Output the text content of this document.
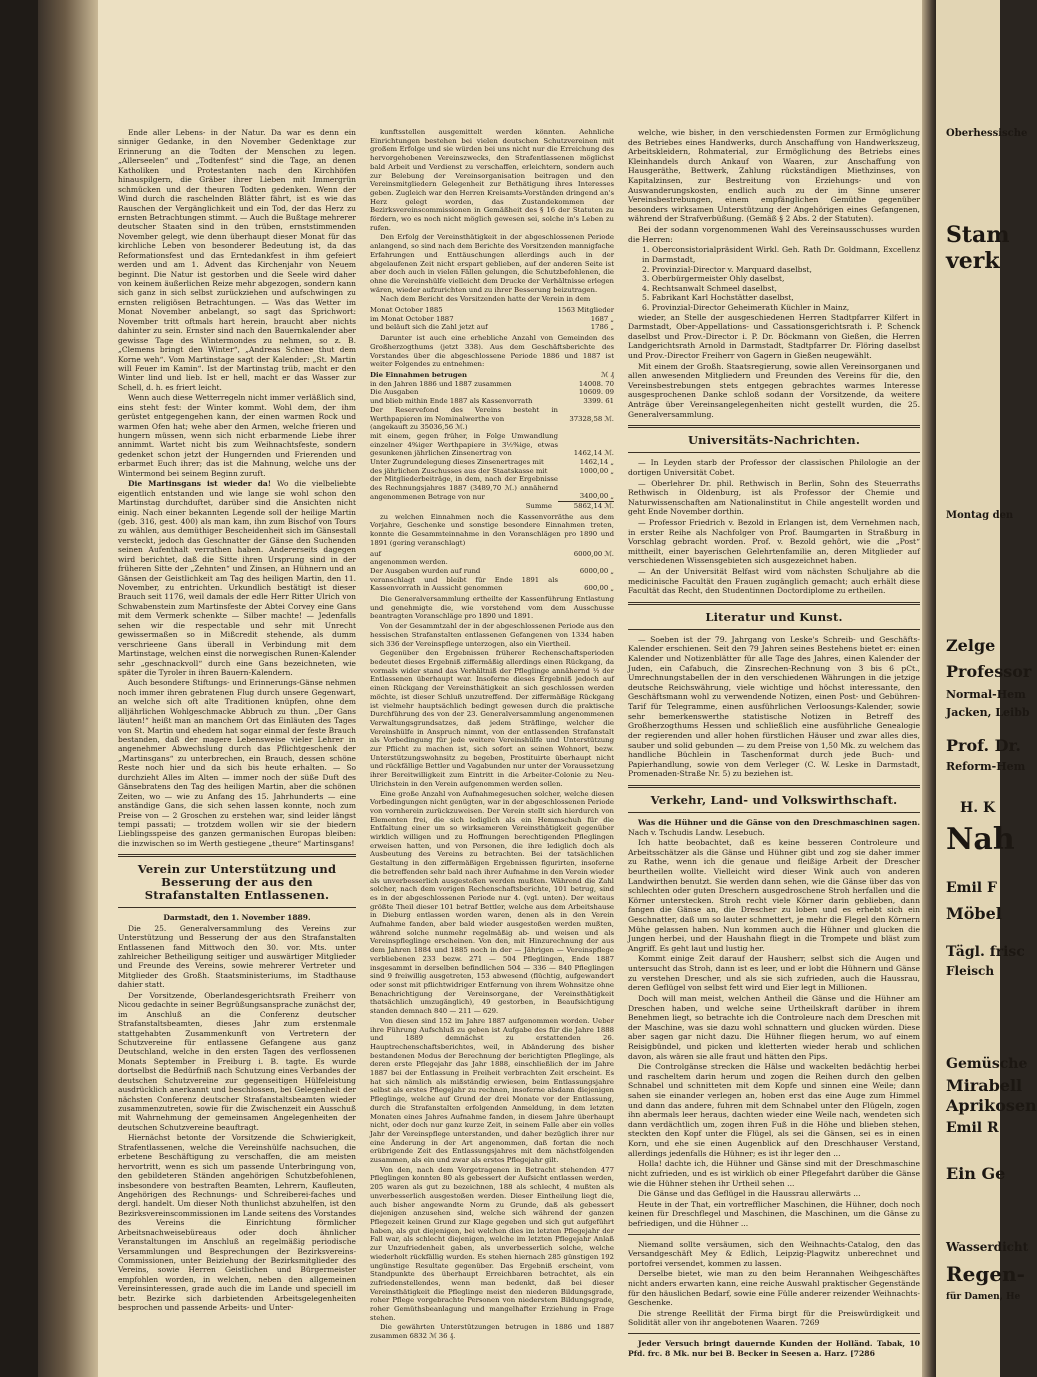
Ende aller Lebens- in der Natur. Da war es denn ein sinniger Gedanke, in den November Gedenktage zur Erinnerung an die Todten der Menschen zu legen. „Allerseelen“ und „Todtenfest“ sind die Tage, an denen Katholiken und Protestanten nach den Kirchhöfen hinauspilgern, die Gräber ihrer Lieben mit Immergrün schmücken und der theuren Todten gedenken. Wenn der Wind durch die raschelnden Blätter fährt, ist es wie das Rauschen der Vergänglichkeit und ein Tod, der das Herz zu ernsten Betrachtungen stimmt. — Auch die Bußtage mehrerer deutscher Staaten sind in den trüben, ernststimmenden November gelegt, wie denn überhaupt dieser Monat für das kirchliche Leben von besonderer Bedeutung ist, da das Reformationsfest und das Erntedankfest in ihm gefeiert werden und am 1. Advent das Kirchenjahr von Neuem beginnt. Die Natur ist gestorben und die Seele wird daher von keinem äußerlichen Reize mehr abgezogen, sondern kann sich ganz in sich selbst zurückziehen und aufschwingen zu ernsten religiösen Betrachtungen. — Was das Wetter im Monat November anbelangt, so sagt das Sprichwort: November tritt oftmals hart herein, braucht aber nichts dahinter zu sein. Ernster sind nach den Bauernkalender aber gewisse Tage des Wintermondes zu nehmen, so z. B. „Clemens bringt den Winter“, „Andreas Schnee thut dem Korne weh“. Vom Martinstage sagt der Kalender: „St. Martin will Feuer im Kamin“. Ist der Martinstag trüb, macht er den Winter lind und lieb. Ist er hell, macht er das Wasser zur Schell, d. h. es friert leicht.

Wenn auch diese Wetterregeln nicht immer verläßlich sind, eins steht fest: der Winter kommt. Wohl dem, der ihm gerüstet entgegengehen kann, der einen warmen Rock und warmen Ofen hat; wehe aber den Armen, welche frieren und hungern müssen, wenn sich nicht erbarmende Liebe ihrer annimmt. Wartet nicht bis zum Weihnachtsfeste, sondern gedenket schon jetzt der Hungernden und Frierenden und erbarmet Euch ihrer; das ist die Mahnung, welche uns der Wintermond bei seinem Beginn zuruft.

Die Martinsgans ist wieder da! Wo die vielbeliebte eigentlich entstanden und wie lange sie wohl schon den Martinstag durchduftet, darüber sind die Ansichten nicht einig. Nach einer bekannten Legende soll der heilige Martin (geb. 316, gest. 400) als man kam, ihn zum Bischof von Tours zu wählen, aus demüthiger Bescheidenheit sich im Gänsestall versteckt, jedoch das Geschnatter der Gänse den Suchenden seinen Aufenthalt verrathen haben. Andererseits dagegen wird berichtet, daß die Sitte ihren Ursprung sind in der früheren Sitte der „Zehnten“ und Zinsen, an Hühnern und an Gänsen der Geistlichkeit am Tag des heiligen Martin, den 11. November, zu entrichten. Urkundlich bestätigt ist dieser Brauch seit 1176, weil damals der edle Herr Ritter Ulrich von Schwabenstein zum Martinsfeste der Abtei Corvey eine Gans mit dem Vermerk schenkte — Silber machte! — Jedenfalls sehen wir die respectable und sehr mit Unrecht gewissermaßen so in Mißcredit stehende, als dumm verschrieene Gans überall in Verbindung mit dem Martinstage, welchen einst die norwegischen Runen-Kalender sehr „geschnackvoll“ durch eine Gans bezeichneten, wie später die Tyroler in ihren Bauern-Kalendern.

Auch besondere Stiftungs- und Erinnerungs-Gänse nehmen noch immer ihren gebratenen Flug durch unsere Gegenwart, an welche sich oft alte Traditionen knüpfen, ohne dem alljährlichen Wohlgeschmacke Abbruch zu thun. „Der Gans läuten!“ heißt man an manchem Ort das Einläuten des Tages von St. Martin und ehedem hat sogar einmal der feste Brauch bestanden, daß der magere Lebensweise vieler Lehrer in angenehmer Abwechslung durch das Pflichtgeschenk der „Martinsgans“ zu unterbrechen, ein Brauch, dessen schöne Reste noch hier und da sich bis heute erhalten. — So durchzieht Alles im Alten — immer noch der süße Duft des Gänsebratens den Tag des heiligen Martin, aber die schönen Zeiten, wo — wie zu Anfang des 15. Jahrhunderts — eine anständige Gans, die sich sehen lassen konnte, noch zum Preise von — 2 Groschen zu erstehen war, sind leider längst tempi passati; — trotzdem wollen wir sie der biedern Lieblingsspeise des ganzen germanischen Europas bleiben: die inzwischen so im Werth gestiegene „theure“ Martinsgans!

Verein zur Unterstützung und Besserung der aus den Strafanstalten Entlassenen.

Darmstadt, den 1. November 1889.

Die 25. Generalversammlung des Vereins zur Unterstützung und Besserung der aus den Strafanstalten Entlassenen fand Mittwoch den 30. vor. Mts. unter zahlreicher Betheiligung seitiger und auswärtiger Mitglieder und Freunde des Vereins, sowie mehrerer Vertreter und Mitglieder des Großh. Staatsministeriums, im Stadthause dahier statt.

Der Vorsitzende, Oberlandesgerichtsrath Freiherr von Nicou gedachte in seiner Begrüßungsansprache zunächst der, im Anschluß an die Conferenz deutscher Strafanstaltsbeamten, dieses Jahr zum erstenmale stattgehabten Zusammenkunft von Vertretern der Schutzvereine für entlassene Gefangene aus ganz Deutschland, welche in den ersten Tagen des verflossenen Monats September in Freiburg i. B. tagte. Es wurde dortselbst die Bedürfniß nach Schutzung eines Verbandes der deutschen Schutzvereine zur gegenseitigen Hülfeleistung ausdrücklich anerkannt und beschlossen, bei Gelegenheit der nächsten Conferenz deutscher Strafanstaltsbeamten wieder zusammenzutreten, sowie für die Zwischenzeit ein Ausschuß mit Wahrnehmung der gemeinsamen Angelegenheiten der deutschen Schutzvereine beauftragt.

Hiernächst betonte der Vorsitzende die Schwierigkeit, Strafentlassenen, welche die Vereinshülfe nachsuchen, die erbetene Beschäftigung zu verschaffen, die am meisten hervortritt, wenn es sich um passende Unterbringung von, den gebildeteren Ständen angehörigen Schutzbefohlenen, insbesondere von bestraften Beamten, Lehrern, Kaufleuten, Angehörigen des Rechnungs- und Schreiberei-faches und dergl. handelt. Um dieser Noth thunlichst abzuhelfen, ist den Bezirksvereinscommissionen im Lande seitens des Vorstandes des Vereins die Einrichtung förmlicher Arbeitsnachweisebüreaus oder doch ähnlicher Veranstaltungen im Anschluß an regelmäßig periodische Versammlungen und Besprechungen der Bezirksvereins-Commissionen, unter Beiziehung der Bezirksmitglieder des Vereins, sowie Herren Geistlichen und Bürgermeister empfohlen worden, in welchen, neben den allgemeinen Vereinsinteressen, grade auch die im Lande und speciell im betr. Bezirke sich darbietenden Arbeitsgelegenheiten besprochen und passende Arbeits- und Unter-

kunftsstellen ausgemittelt werden könnten. Aehnliche Einrichtungen bestehen bei vielen deutschen Schutzvereinen mit großem Erfolge und sie würden bei uns nicht nur die Erreichung des hervorgehobenen Vereinszwecks, den Strafentlassenen möglichst bald Arbeit und Verdienst zu verschaffen, erleichtern, sondern auch zur Belebung der Vereinsorganisation beitragen und den Vereinsmitgliedern Gelegenheit zur Bethätigung ihres Interesses geben. Zugleich war den Herren Kreisamts-Vorständen dringend an's Herz gelegt worden, das Zustandekommen der Bezirksvereinscommissionen in Gemäßheit des § 16 der Statuten zu fördern, wo es noch nicht möglich gewesen sei, solche in's Leben zu rufen.

Den Erfolg der Vereinsthätigkeit in der abgeschlossenen Periode anlangend, so sind nach dem Berichte des Vorsitzenden mannigfache Erfahrungen und Enttäuschungen allerdings auch in der abgelaufenen Zeit nicht erspart geblieben, auf der anderen Seite ist aber doch auch in vielen Fällen gelungen, die Schutzbefohlenen, die ohne die Vereinshülfe vielleicht dem Drucke der Verhältnisse erlegen wären, wieder aufzurichten und zu ihrer Besserung beizutragen.

Nach dem Bericht des Vorsitzenden hatte der Verein in dem

Monat October 1885	1563 Mitglieder
im Monat October 1887	1687 „
und beläuft sich die Zahl jetzt auf	1786 „

Darunter ist auch eine erhebliche Anzahl von Gemeinden des Großherzogthums (jetzt 338). Aus dem Geschäftsberichte des Vorstandes über die abgeschlossene Periode 1886 und 1887 ist weiter Folgendes zu entnehmen:

Die Einnahmen betrugen	ℳ ₰
in den Jahren 1886 und 1887 zusammen	14008. 70
Die Ausgaben	10609. 09
und blieb mithin Ende 1887 als Kassenvorrath	3399. 61
Der Reservefond des Vereins besteht in Werthpapieren im Nominalwerthe von	37328,58 ℳ.
(angekauft zu 35036,56 ℳ.)	
mit einem, gegen früher, in Folge Umwandlung einzelner 4%iger Werthpapiere in 3½%ige, etwas gesunkenen jährlichen Zinsenertrag von	1462,14 ℳ.
Unter Zugrundelegung dieses Zinsenertrages mit	1462,14 „
des jährlichen Zuschusses aus der Staatskasse mit	1000,00 „
der Mitgliederbeiträge, in dem, nach der Ergebnisse des Rechnungsjahres 1887 (3489,70 ℳ.) annähernd angenommenen Betrage von nur	3400,00 „
Summe	5862,14 ℳ.

zu welchen Einnahmen noch die Kassenvorräthe aus dem Vorjahre, Geschenke und sonstige besondere Einnahmen treten, konnte die Gesammteinnahme in den Voranschlägen pro 1890 und 1891 (gering veranschlagt)

auf	6000,00 ℳ.
angenommen werden.	
Der Ausgaben wurden auf rund	6000,00 „
veranschlagt und bleibt für Ende 1891 als Kassenvorrath in Aussicht genommen	600,00 „

Die Generalversammlung ertheilte der Kassenführung Entlastung und genehmigte die, wie vorstehend vom dem Ausschusse beantragten Voranschläge pro 1890 und 1891.

Von der Gesammtzahl der in der abgeschlossenen Periode aus den hessischen Strafanstalten entlassenen Gefangenen von 1334 haben sich 336 der Vereinspflege unterzogen, also ein Viertheil.

Gegenüber den Ergebnissen früherer Rechenschaftsperioden bedeutet dieses Ergebniß ziffermäßig allerdings einen Rückgang, da vormals wider stand das Verhältniß der Pfleglinge annähernd ⅓ der Entlassenen überhaupt war. Insoferne dieses Ergebniß jedoch auf einen Rückgang der Vereinsthätigkeit an sich geschlossen werden möchte, ist dieser Schluß unzutreffend. Der ziffermäßige Rückgang ist vielmehr hauptsächlich bedingt gewesen durch die praktische Durchführung des von der 23. Generalversammlung angenommenen Verwaltungsgrundsatzes, daß jedem Sträflinge, welcher die Vereinshülfe in Anspruch nimmt, von der entlassenden Strafanstalt als Vorbedingung für jede weitere Vereinshülfe und Unterstützung zur Pflicht zu machen ist, sich sofort an seinen Wohnort, bezw. Unterstützungswohnsitz zu begeben, Prostituirte überhaupt nicht und rückfällige Bettler und Vagabunden nur unter der Voraussetzung ihrer Bereitwilligkeit zum Eintritt in die Arbeiter-Colonie zu Neu-Ulrichstein in den Verein aufgenommen werden sollen.

Eine große Anzahl von Aufnahmegesuchen solcher, welche diesen Vorbedingungen nicht genügten, war in der abgeschlossenen Periode von vornherein zurückzuweisen. Der Verein stellt sich hierdurch von Elementen frei, die sich lediglich als ein Hemmschuh für die Entfaltung einer um so wirksameren Vereinsthätigkeit gegenüber wirklich willigen und zu Hoffnungen berechtigenden Pfleglingen erweisen hatten, und von Personen, die ihre lediglich doch als Ausbeutung des Vereins zu betrachten. Bei der tatsächlichen Gestaltung in den ziffermäßigen Ergebnissen figurirten, insoferne die betreffenden sehr bald nach ihrer Aufnahme in den Verein wieder als unverbesserlich ausgestoßen werden mußten. Während die Zahl solcher, nach dem vorigen Rechenschaftsberichte, 101 betrug, sind es in der abgeschlossenen Periode nur 4. (vgl. unten). Der weitaus größte Theil dieser 101 betraf Bettler, welche aus dem Arbeitshause in Dieburg entlassen worden waren, denen als in den Verein Aufnahme fanden, aber bald wieder ausgestoßen werden mußten, während solche nunmehr regelmäßig ab- und weisen und als Vereinspfleglinge erscheinen. Von den, mit Hinzurechnung der aus dem Jahren 1884 und 1885 noch in der — Jährigen — Vereinspflege verbliebenen 233 bezw. 271 — 504 Pfleglingen, Ende 1887 insgesammt in derselben befindlichen 504 — 336 — 840 Pfleglingen sind 9 freiwillig ausgetreten, 153 abwesend (flüchtig, aufgewandert oder sonst mit pflichtwidriger Entfernung von ihrem Wohnsitze ohne Benachrichtigung der Vereinsorgane, der Vereinsthätigkeit thatsächlich umzugänglich), 49 gestorben, in Beaufsichtigung standen demnach 840 — 211 — 629.

Von diesen sind 152 im Jahre 1887 aufgenommen worden. Ueber ihre Führung Aufschluß zu geben ist Aufgabe des für die Jahre 1888 und 1889 demnächst zu erstattenden 26. Hauptrechenschaftsberichtes, weil, in Abänderung des bisher bestandenen Modus der Berechnung der berichtigten Pfleglinge, als deren erste Pflegejahr das Jahr 1888, einschließlich der im Jahre 1887 bei der Entlassung in Freiheit verbrachten Zeit erscheint. Es hat sich nämlich als mißständig erwiesen, beim Entlassungsjahre selbst als erstes Pflegejahr zu rechnen, insoferne alsdann diejenigen Pfleglinge, welche auf Grund der drei Monate vor der Entlassung, durch die Strafanstalten erfolgenden Anmeldung, in dem letzten Monaten eines Jahres Aufnahme fanden, in diesem Jahre überhaupt nicht, oder doch nur ganz kurze Zeit, in seinem Falle aber ein volles Jahr der Vereinspflege unterstanden, und daher bezüglich ihrer nur eine Änderung in der Art angenommen, daß fortan die noch erübrigende Zeit des Entlassungsjahres mit dem nächstfolgenden zusammen, als ein und zwar als erstes Pflegejahr gilt.

Von den, nach dem Vorgetragenen in Betracht stehenden 477 Pfleglingen konnten 80 als gebessert der Aufsicht entlassen werden, 205 waren als gut zu bezeichnen, 188 als schlecht, 4 mußten als unverbesserlich ausgestoßen werden. Dieser Eintheilung liegt die, auch bisher angewandte Norm zu Grunde, daß als gebessert diejenigen anzusehen sind, welche sich während der ganzen Pflegezeit keinen Grund zur Klage gegeben und sich gut aufgeführt haben, als gut diejenigen, bei welchen dies im letzten Pflegejahr der Fall war, als schlecht diejenigen, welche im letzten Pflegejahr Anlaß zur Unzufriedenheit gaben, als unverbesserlich solche, welche wiederholt rückfällig wurden. Es stehen hiernach 285 günstigen 192 ungünstige Resultate gegenüber. Das Ergebniß erscheint, vom Standpunkte des überhaupt Erreichbaren betrachtet, als ein zufriedenstellendes, wenn man bedenkt, daß bei dieser Vereinsthätigkeit die Pfleglinge meist den niederen Bildungsgrade, roher Pflege vorgebrachte Personen von niederstem Bildungsgrade, roher Gemüthsbeanlagung und mangelhafter Erziehung in Frage stehen.

Die gewährten Unterstützungen betrugen in 1886 und 1887 zusammen 6832 ℳ 36 ₰.

welche, wie bisher, in den verschiedensten Formen zur Ermöglichung des Betriebes eines Handwerks, durch Anschaffung von Handwerkszeug, Arbeitskleidern, Rohmaterial, zur Ermöglichung des Betriebs eines Kleinhandels durch Ankauf von Waaren, zur Anschaffung von Hausgeräthe, Bettwerk, Zahlung rückständigen Miethzinses, von Kapitalzinsen, zur Bestreitung von Erziehungs- und von Auswanderungskosten, endlich auch zu der im Sinne unserer Vereinsbestrebungen, einem empfänglichen Gemüthe gegenüber besonders wirksamen Unterstützung der Angehörigen eines Gefangenen, während der Strafverbüßung. (Gemäß § 2 Abs. 2 der Statuten).

Bei der sodann vorgenommenen Wahl des Vereinsausschusses wurden die Herren:

1. Oberconsistorialpräsident Wirkl. Geh. Rath Dr. Goldmann, Excellenz in Darmstadt,
2. Provinzial-Director v. Marquard daselbst,
3. Oberbürgermeister Ohly daselbst,
4. Rechtsanwalt Schmeel daselbst,
5. Fabrikant Karl Hochstätter daselbst,
6. Provinzial-Director Geheimerath Küchler in Mainz,

wieder, an Stelle der ausgeschiedenen Herren Stadtpfarrer Kilfert in Darmstadt, Ober-Appellations- und Cassationsgerichtsrath i. P. Schenck daselbst und Prov.-Director i. P. Dr. Böckmann von Gießen, die Herren Landgerichtsrath Arnold in Darmstadt, Stadtpfarrer Dr. Flöring daselbst und Prov.-Director Freiherr von Gagern in Gießen neugewählt.

Mit einem der Großh. Staatsregierung, sowie allen Vereinsorganen und allen anwesenden Mitgliedern und Freunden des Vereins für die, den Vereinsbestrebungen stets entgegen gebrachtes warmes Interesse ausgesprochenen Danke schloß sodann der Vorsitzende, da weitere Anträge über Vereinsangelegenheiten nicht gestellt wurden, die 25. Generalversammlung.

Universitäts-Nachrichten.

— In Leyden starb der Professor der classischen Philologie an der dortigen Universität Cobet.

— Oberlehrer Dr. phil. Rethwisch in Berlin, Sohn des Steuerraths Rethwisch in Oldenburg, ist als Professor der Chemie und Naturwissenschaften am Nationalinstitut in Chile angestellt worden und geht Ende November dorthin.

— Professor Friedrich v. Bezold in Erlangen ist, dem Vernehmen nach, in erster Reihe als Nachfolger von Prof. Baumgarten in Straßburg in Vorschlag gebracht worden. Prof. v. Bezold gehört, wie die „Post“ mittheilt, einer bayerischen Gelehrtenfamilie an, deren Mitglieder auf verschiedenen Wissensgebieten sich ausgezeichnet haben.

— An der Universität Belfast wird vom nächsten Schuljahre ab die medicinische Facultät den Frauen zugänglich gemacht; auch erhält diese Facultät das Recht, den Studentinnen Doctordiplome zu ertheilen.

Literatur und Kunst.

— Soeben ist der 79. Jahrgang von Leske's Schreib- und Geschäfts-Kalender erschienen. Seit den 79 Jahren seines Bestehens bietet er: einen Kalender und Notizenblätter für alle Tage des Jahres, einen Kalender der Juden, ein Cafabuch, die Zinsrechen-Rechnung von 3 bis 6 pCt., Umrechnungstabellen der in den verschiedenen Währungen in die jetzige deutsche Reichswährung, viele wichtige und höchst interessante, den Geschäftsmann wohl zu verwendende Notizen, einen Post- und Gebühren-Tarif für Telegramme, einen ausführlichen Verloosungs-Kalender, sowie sehr bemerkenswerthe statistische Notizen in Betreff des Großherzogthums Hessen und schließlich eine ausführliche Genealogie der regierenden und aller hohen fürstlichen Häuser und zwar alles dies, sauber und solid gebunden — zu dem Preise von 1,50 Mk. zu welchem das handliche Büchlein in Taschenformat durch jede Buch- und Papierhandlung, sowie von dem Verleger (C. W. Leske in Darmstadt, Promenaden-Straße Nr. 5) zu beziehen ist.

Verkehr, Land- und Volkswirthschaft.

Was die Hühner und die Gänse von den Dreschmaschinen sagen. Nach v. Tschudis Landw. Lesebuch.

Ich hatte beobachtet, daß es keine besseren Controleure und Arbeitsschätzer als die Gänse und Hühner gibt und zog sie daher immer zu Rathe, wenn ich die genaue und fleißige Arbeit der Drescher beurtheilen wollte. Vielleicht wird dieser Wink auch von anderen Landwirthen benutzt. Sie werden dann sehen, wie die Gänse über das von schlechten oder guten Dreschern ausgedroschene Stroh herfallen und die Körner unterstecken. Stroh recht viele Körner darin geblieben, dann fangen die Gänse an, die Drescher zu loben und es erhebt sich ein Geschnatter, daß um so lauter schmettert, je mehr die Flegel den Körnern Mühe gelassen haben. Nun kommen auch die Hühner und glucken die Jungen herbei, und der Haushahn fliegt in die Trompete und bläst zum Angriff. Es geht laut und lustig her.

Kommt einige Zeit darauf der Hausherr, selbst sich die Augen und untersucht das Stroh, dann ist es leer, und er lobt die Hühnern und Gänse zu verstehen Drescher, und als sie sich zufrieden, auch die Haussrau, deren Geflügel von selbst fett wird und Eier legt in Millionen.

Doch will man meist, welchen Antheil die Gänse und die Hühner am Dreschen haben, und welche seine Urtheilskraft darüber in ihrem Benehmen liegt, so betrachte ich die Controleure nach dem Dreschen mit der Maschine, was sie dazu wohl schnattern und glucken würden. Diese aber sagen gar nicht dazu. Die Hühner fliegen herum, wo auf einem Reisigbündel, und picken und kletterten wieder herab und schlichen davon, als wären sie alle fraut und hätten den Pips.

Die Controlgänse strecken die Hälse und wackelten bedächtig herbei und rascheltem darin herum und zogen die Reihen durch den gelben Schnabel und schnitteten mit dem Kopfe und sinnen eine Weile; dann sahen sie einander verlegen an, hoben erst das eine Auge zum Himmel und dann das andere, fuhren mit dem Schnabel unter den Flügeln, zogen ihn abermals leer heraus, dachten wieder eine Weile nach, wendeten sich dann verdächtlich um, zogen ihren Fuß in die Höhe und blieben stehen, steckten den Kopf unter die Flügel, als sei die Gänsen, sei es in einen Korn, und ehe sie einen Augenblick auf den Dreschhauser Verstand, allerdings jedenfalls die Hühner; es ist ihr leger den ...

Holla! dachte ich, die Hühner und Gänse sind mit der Dreschmaschine nicht zufrieden, und es ist wirklich ob einer Pflegefahrt darüber die Gänse wie die Hühner stehen ihr Urtheil sehen ...

Die Gänse und das Geflügel in die Haussrau allerwärts ...

Heute in der That, ein vortrefflicher Maschinen, die Hühner, doch noch keinen für Dreschflegel und Maschinen, die Maschinen, um die Gänse zu befriedigen, und die Hühner ...

Niemand sollte versäumen, sich den Weihnachts-Catalog, den das Versandgeschäft Mey & Edlich, Leipzig-Plagwitz unberechnet und portofrei versendet, kommen zu lassen.

Derselbe bietet, wie man zu den beim Herannahen Weihgeschäftes nicht anders erwarten kann, eine reiche Auswahl praktischer Gegenstände für den häuslichen Bedarf, sowie eine Fülle anderer reizender Weihnachts-Geschenke.

Die strenge Reellität der Firma birgt für die Preiswürdigkeit und Solidität aller von ihr angebotenen Waaren. 7269

Jeder Versuch bringt dauernde Kunden der Holländ. Tabak, 10 Pfd. frc. 8 Mk. nur bei B. Becker in Seesen a. Harz. [7286

Oberhessische
Stam
verk
Montag den
Zelge
Professor
Normal-Hem
Jacken, Leibb
Prof. Dr.
Reform-Hem
H. K
Nah
Emil F
Möbel
Tägl. frisc
Fleisch
Gemüsche
Mirabell
Aprikosen
Emil R
Ein Ge
Wasserdicht
Regen-
für Damen, He
